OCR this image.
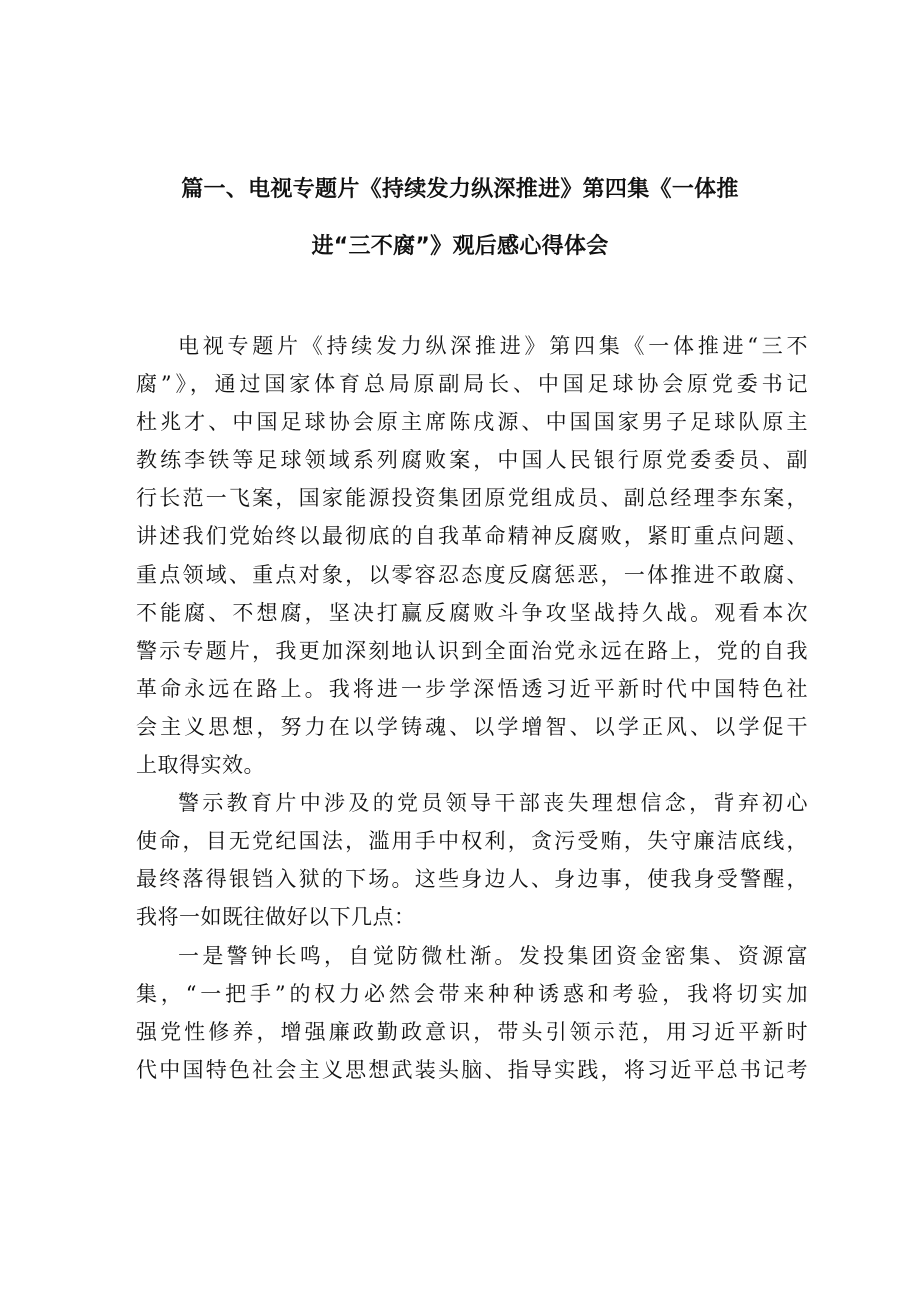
篇一、电视专题片《持续发力纵深推进》第四集《一体推
进“三不腐”》观后感心得体会
电视专题片《持续发力纵深推进》第四集《一体推进“三不
腐”》，通过国家体育总局原副局长、中国足球协会原党委书记
杜兆才、中国足球协会原主席陈戌源、中国国家男子足球队原主
教练李铁等足球领域系列腐败案，中国人民银行原党委委员、副
行长范一飞案，国家能源投资集团原党组成员、副总经理李东案，
讲述我们党始终以最彻底的自我革命精神反腐败，紧盯重点问题、
重点领域、重点对象，以零容忍态度反腐惩恶，一体推进不敢腐、
不能腐、不想腐，坚决打赢反腐败斗争攻坚战持久战。观看本次
警示专题片，我更加深刻地认识到全面治党永远在路上，党的自我
革命永远在路上。我将进一步学深悟透习近平新时代中国特色社
会主义思想，努力在以学铸魂、以学增智、以学正风、以学促干
上取得实效。
警示教育片中涉及的党员领导干部丧失理想信念，背弃初心
使命，目无党纪国法，滥用手中权利，贪污受贿，失守廉洁底线，
最终落得银铛入狱的下场。这些身边人、身边事，使我身受警醒，
我将一如既往做好以下几点：
一是警钟长鸣，自觉防微杜渐。发投集团资金密集、资源富
集，“一把手”的权力必然会带来种种诱惑和考验，我将切实加
强党性修养，增强廉政勤政意识，带头引领示范，用习近平新时
代中国特色社会主义思想武装头脑、指导实践，将习近平总书记考
